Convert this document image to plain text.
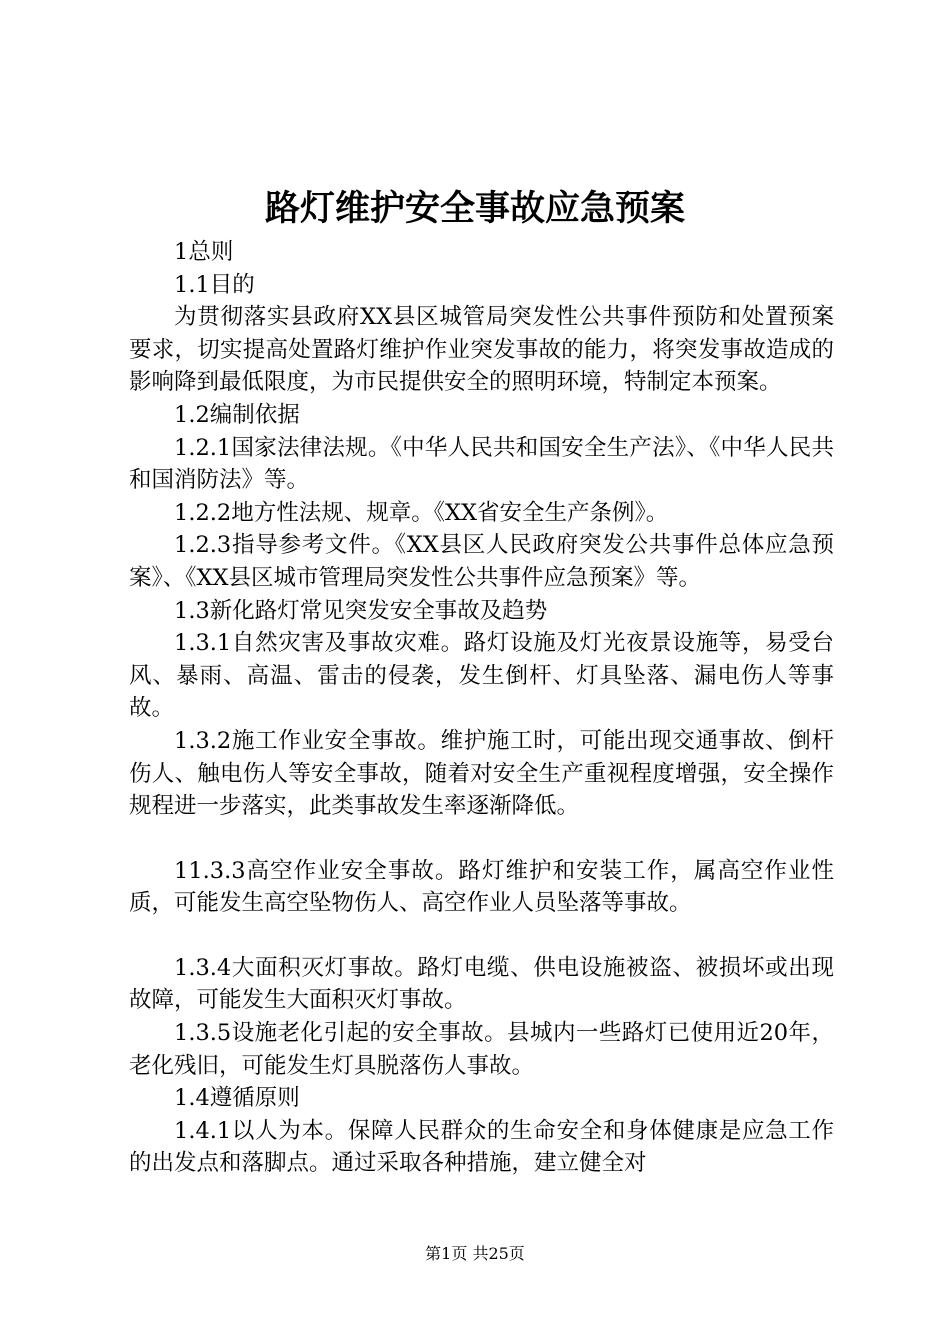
路灯维护安全事故应急预案

1总则

1.1目的

为贯彻落实县政府XX县区城管局突发性公共事件预防和处置预案要求，切实提高处置路灯维护作业突发事故的能力，将突发事故造成的影响降到最低限度，为市民提供安全的照明环境，特制定本预案。

1.2编制依据

1.2.1国家法律法规。《中华人民共和国安全生产法》、《中华人民共和国消防法》等。

1.2.2地方性法规、规章。《XX省安全生产条例》。

1.2.3指导参考文件。《XX县区人民政府突发公共事件总体应急预案》、《XX县区城市管理局突发性公共事件应急预案》等。

1.3新化路灯常见突发安全事故及趋势

1.3.1自然灾害及事故灾难。路灯设施及灯光夜景设施等，易受台风、暴雨、高温、雷击的侵袭，发生倒杆、灯具坠落、漏电伤人等事故。

1.3.2施工作业安全事故。维护施工时，可能出现交通事故、倒杆伤人、触电伤人等安全事故，随着对安全生产重视程度增强，安全操作规程进一步落实，此类事故发生率逐渐降低。

11.3.3高空作业安全事故。路灯维护和安装工作，属高空作业性质，可能发生高空坠物伤人、高空作业人员坠落等事故。

1.3.4大面积灭灯事故。路灯电缆、供电设施被盗、被损坏或出现故障，可能发生大面积灭灯事故。

1.3.5设施老化引起的安全事故。县城内一些路灯已使用近20年，老化残旧，可能发生灯具脱落伤人事故。

1.4遵循原则

1.4.1以人为本。保障人民群众的生命安全和身体健康是应急工作的出发点和落脚点。通过采取各种措施，建立健全对

第1页 共25页
